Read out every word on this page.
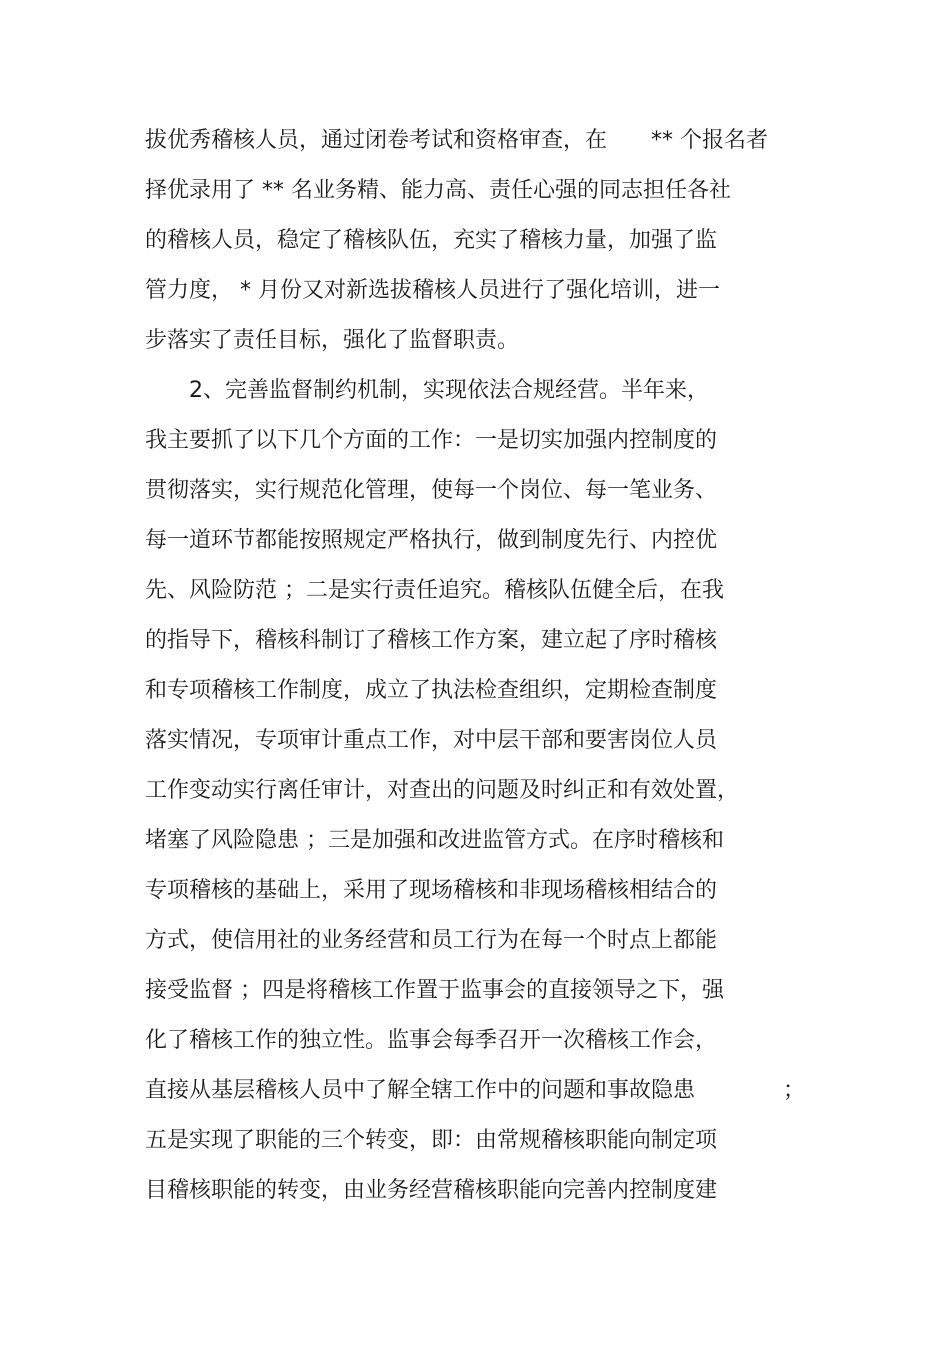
拔优秀稽核人员，通过闭卷考试和资格审查，在　　** 个报名者
择优录用了 ** 名业务精、能力高、责任心强的同志担任各社
的稽核人员，稳定了稽核队伍，充实了稽核力量，加强了监
管力度， * 月份又对新选拔稽核人员进行了强化培训，进一
步落实了责任目标，强化了监督职责。
　　2、完善监督制约机制，实现依法合规经营。半年来，
我主要抓了以下几个方面的工作：一是切实加强内控制度的
贯彻落实，实行规范化管理，使每一个岗位、每一笔业务、
每一道环节都能按照规定严格执行，做到制度先行、内控优
先、风险防范 ；二是实行责任追究。稽核队伍健全后，在我
的指导下，稽核科制订了稽核工作方案，建立起了序时稽核
和专项稽核工作制度，成立了执法检查组织，定期检查制度
落实情况，专项审计重点工作，对中层干部和要害岗位人员
工作变动实行离任审计，对查出的问题及时纠正和有效处置，
堵塞了风险隐患 ；三是加强和改进监管方式。在序时稽核和
专项稽核的基础上，采用了现场稽核和非现场稽核相结合的
方式，使信用社的业务经营和员工行为在每一个时点上都能
接受监督 ；四是将稽核工作置于监事会的直接领导之下，强
化了稽核工作的独立性。监事会每季召开一次稽核工作会，
直接从基层稽核人员中了解全辖工作中的问题和事故隐患　　　　；
五是实现了职能的三个转变，即：由常规稽核职能向制定项
目稽核职能的转变，由业务经营稽核职能向完善内控制度建
